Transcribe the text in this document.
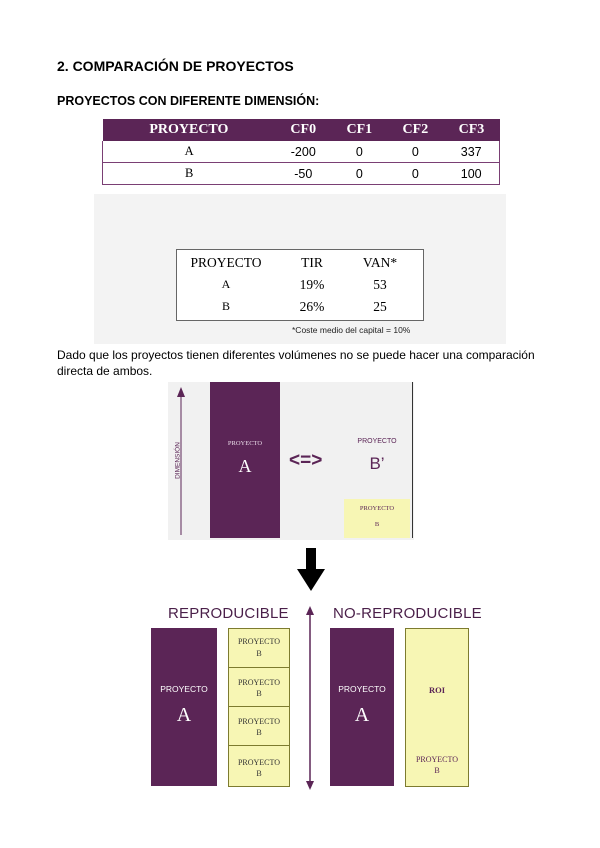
2. COMPARACIÓN DE PROYECTOS
PROYECTOS CON DIFERENTE DIMENSIÓN:
PROYECTO	CF0	CF1	CF2	CF3
A	-200	0	0	337
B	-50	0	0	100
PROYECTO	TIR	VAN*
A	19%	53
B	26%	25
*Coste medio del capital = 10%
Dado que los proyectos tienen diferentes volúmenes no se puede hacer una comparación directa de ambos.
DIMENSIÓN	PROYECTO
A	<=>
PROYECTO
B’
PROYECTO
B
REPRODUCIBLE	NO-REPRODUCIBLE
PROYECTO
A
PROYECTO
B
PROYECTO
B
PROYECTO
B
PROYECTO
B
PROYECTO
A
ROI
PROYECTO
B
